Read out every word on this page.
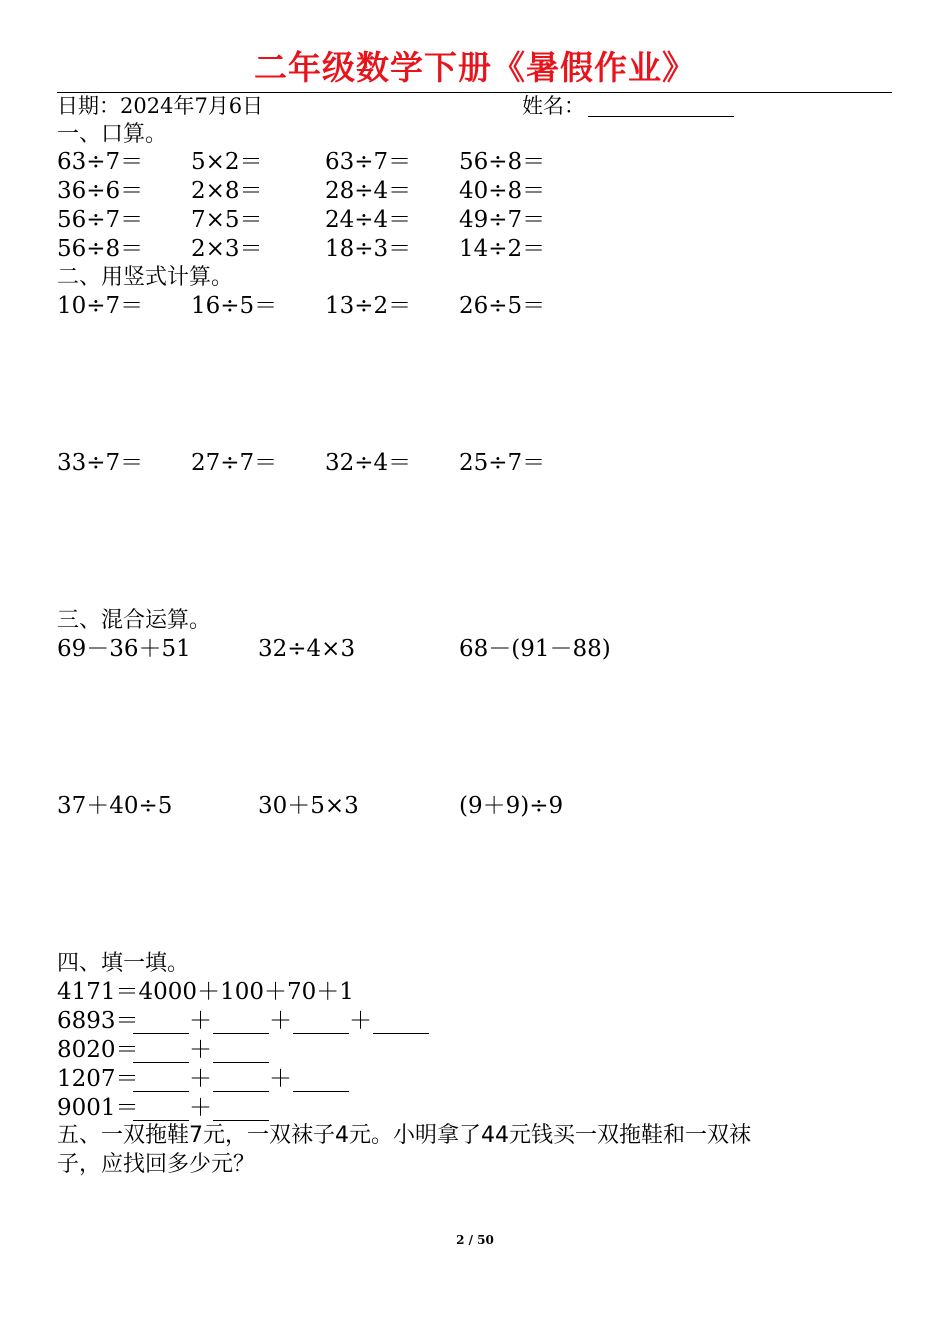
二年级数学下册《暑假作业》
日期：2024年7月6日	姓名：
一、口算。
63÷7＝ 5×2＝	63÷7＝ 56÷8＝
36÷6＝ 2×8＝	28÷4＝ 40÷8＝
56÷7＝ 7×5＝	24÷4＝ 49÷7＝
56÷8＝ 2×3＝	18÷3＝ 14÷2＝
二、用竖式计算。
10÷7＝ 16÷5＝ 13÷2＝ 26÷5＝
33÷7＝ 27÷7＝ 32÷4＝ 25÷7＝
三、混合运算。
69－36＋51	32÷4×3	68－(91－88)
37＋40÷5	30＋5×3	(9＋9)÷9
四、填一填。
4171＝4000＋100＋70＋1
6893＝ ＋ ＋ ＋
8020＝ ＋
1207＝ ＋ ＋
9001＝ ＋
五、一双拖鞋7元，一双袜子4元。小明拿了44元钱买一双拖鞋和一双袜
子，应找回多少元？
2 / 50
